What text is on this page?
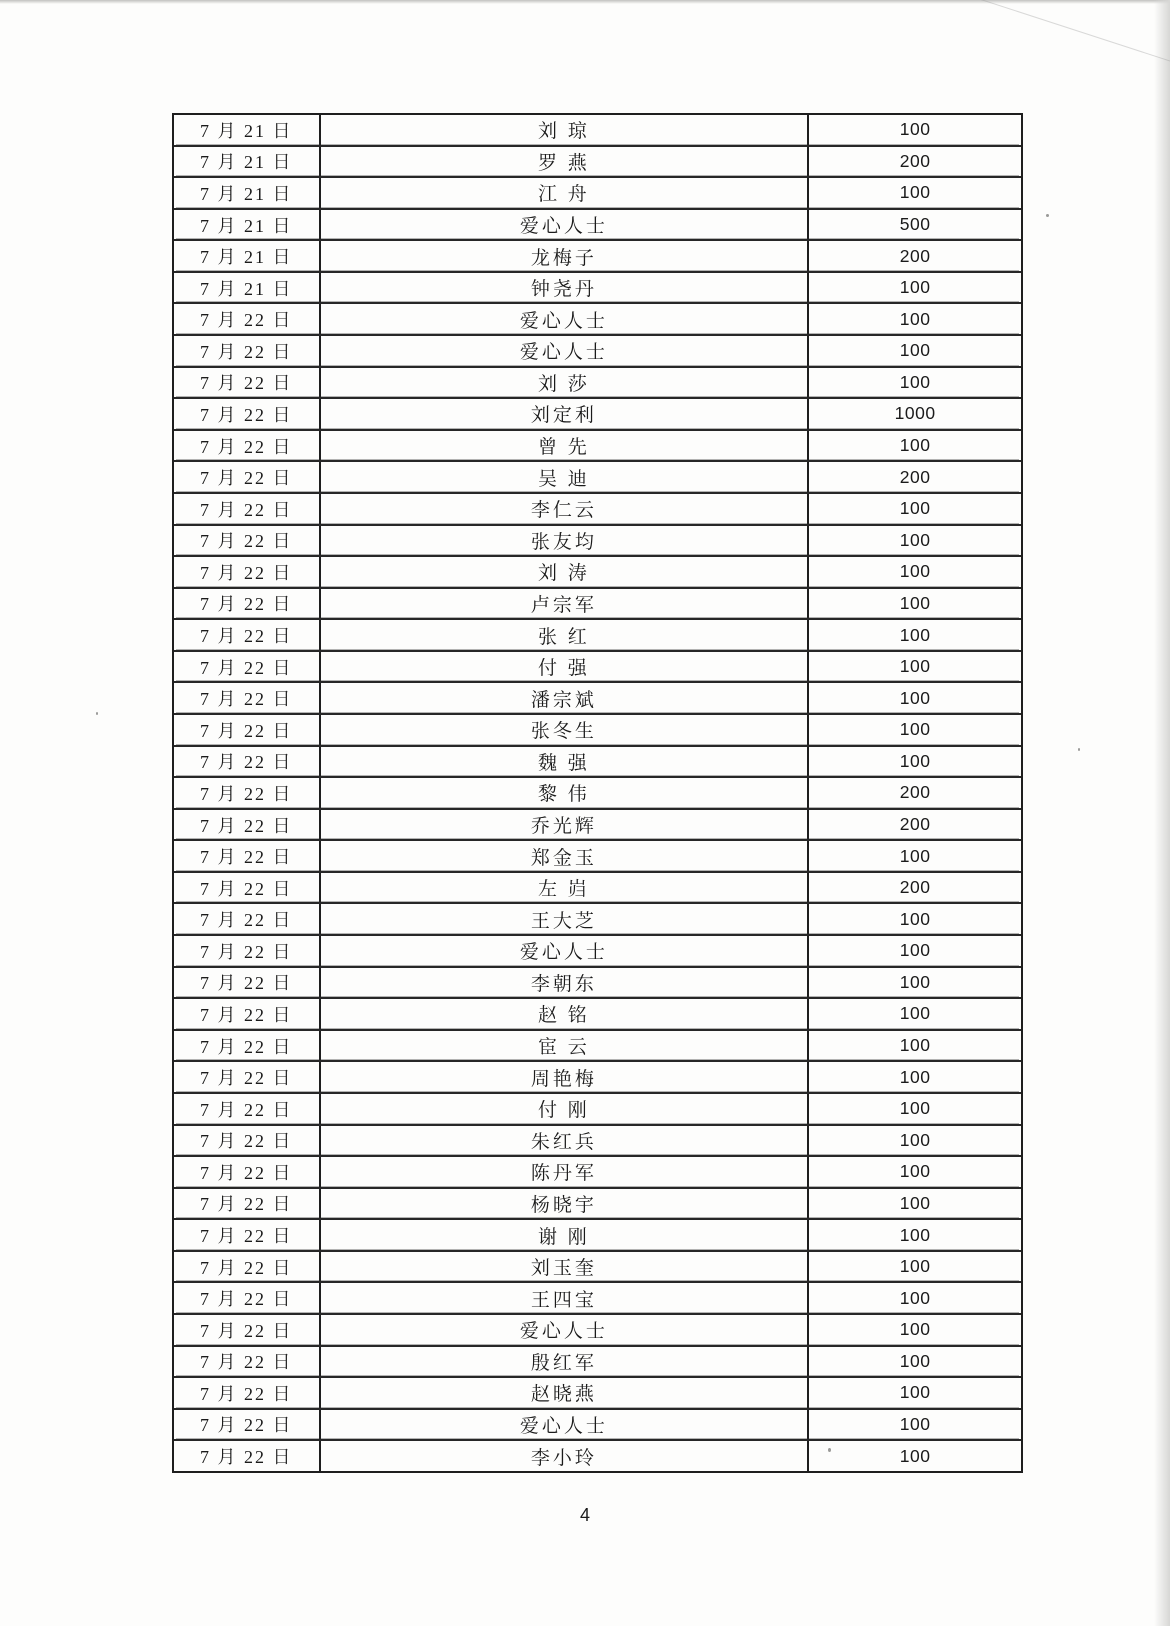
7 月 21 日	刘 琼	100
7 月 21 日	罗 燕	200
7 月 21 日	江 舟	100
7 月 21 日	爱心人士	500
7 月 21 日	龙梅子	200
7 月 21 日	钟尧丹	100
7 月 22 日	爱心人士	100
7 月 22 日	爱心人士	100
7 月 22 日	刘 莎	100
7 月 22 日	刘定利	1000
7 月 22 日	曾 先	100
7 月 22 日	吴 迪	200
7 月 22 日	李仁云	100
7 月 22 日	张友均	100
7 月 22 日	刘 涛	100
7 月 22 日	卢宗军	100
7 月 22 日	张 红	100
7 月 22 日	付 强	100
7 月 22 日	潘宗斌	100
7 月 22 日	张冬生	100
7 月 22 日	魏 强	100
7 月 22 日	黎 伟	200
7 月 22 日	乔光辉	200
7 月 22 日	郑金玉	100
7 月 22 日	左 岿	200
7 月 22 日	王大芝	100
7 月 22 日	爱心人士	100
7 月 22 日	李朝东	100
7 月 22 日	赵 铭	100
7 月 22 日	宦 云	100
7 月 22 日	周艳梅	100
7 月 22 日	付 刚	100
7 月 22 日	朱红兵	100
7 月 22 日	陈丹军	100
7 月 22 日	杨晓宇	100
7 月 22 日	谢 刚	100
7 月 22 日	刘玉奎	100
7 月 22 日	王四宝	100
7 月 22 日	爱心人士	100
7 月 22 日	殷红军	100
7 月 22 日	赵晓燕	100
7 月 22 日	爱心人士	100
7 月 22 日	李小玲	100
4
